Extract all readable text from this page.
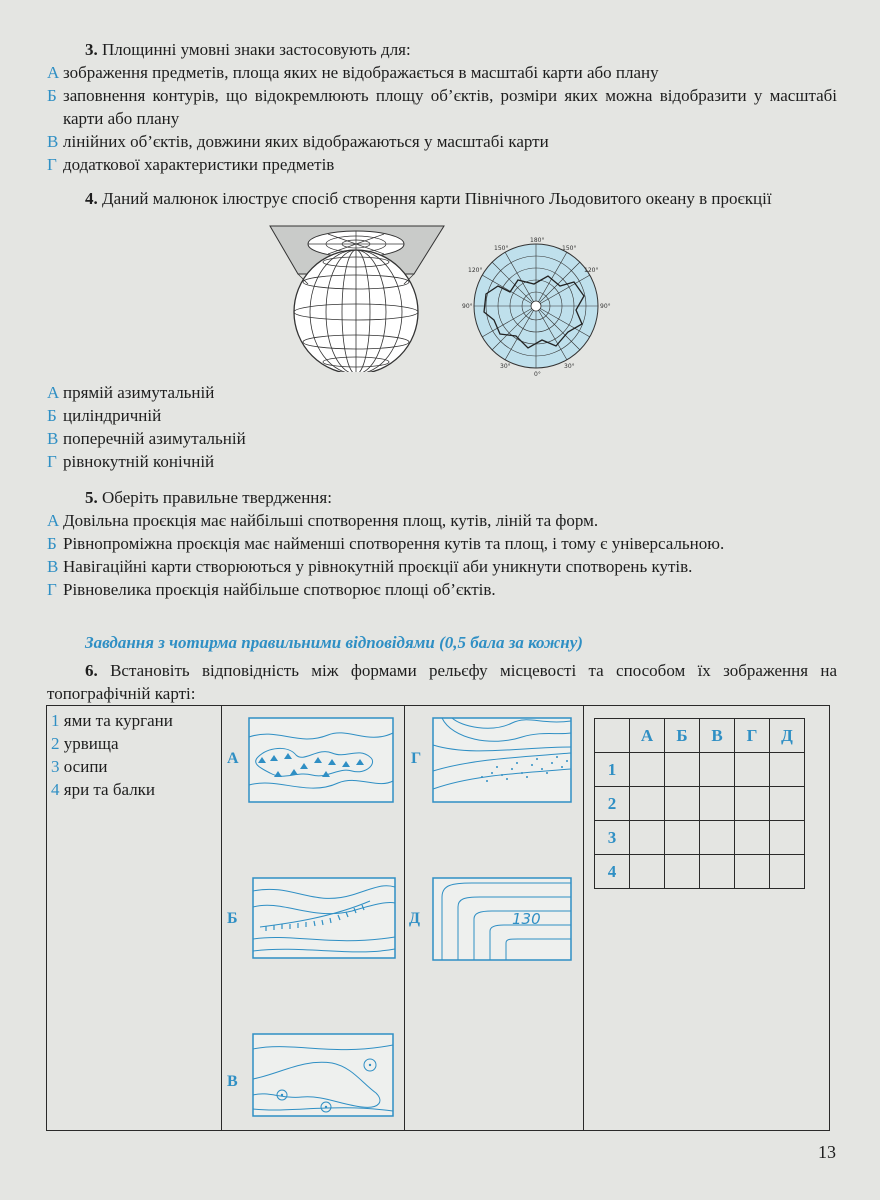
3. Площинні умовні знаки застосовують для:
А зображення предметів, площа яких не відображається в масштабі карти або плану
Б заповнення контурів, що відокремлюють площу об’єктів, розміри яких можна відобразити у масштабі карти або плану
В лінійних об’єктів, довжини яких відображаються у масштабі карти
Г додаткової характеристики предметів
4. Даний малюнок ілюструє спосіб створення карти Північного Льодовитого океану в проєкції
180°
150°	150°
120°
120°
90°	90°
30°	30°
0°
А прямій азимутальній
Б циліндричній
В поперечній азимутальній
Г рівнокутній конічній
5. Оберіть правильне твердження:
А Довільна проєкція має найбільші спотворення площ, кутів, ліній та форм.
Б Рівнопроміжна проєкція має найменші спотворення кутів та площ, і тому є універсальною.
В Навігаційні карти створюються у рівнокутній проєкції аби уникнути спотворень кутів.
Г Рівновелика проєкція найбільше спотворює площі об’єктів.
Завдання з чотирма правильними відповідями (0,5 бала за кожну)
6. Встановіть відповідність між формами рельєфу місцевості та способом їх зображення на топографічній карті:
1 ями та кургани
2 урвища
3 осипи
4 яри та балки

А
Б
В
Г
Д	130
	А	Б	В	Г	Д
1					
2					
3					
4					
13
